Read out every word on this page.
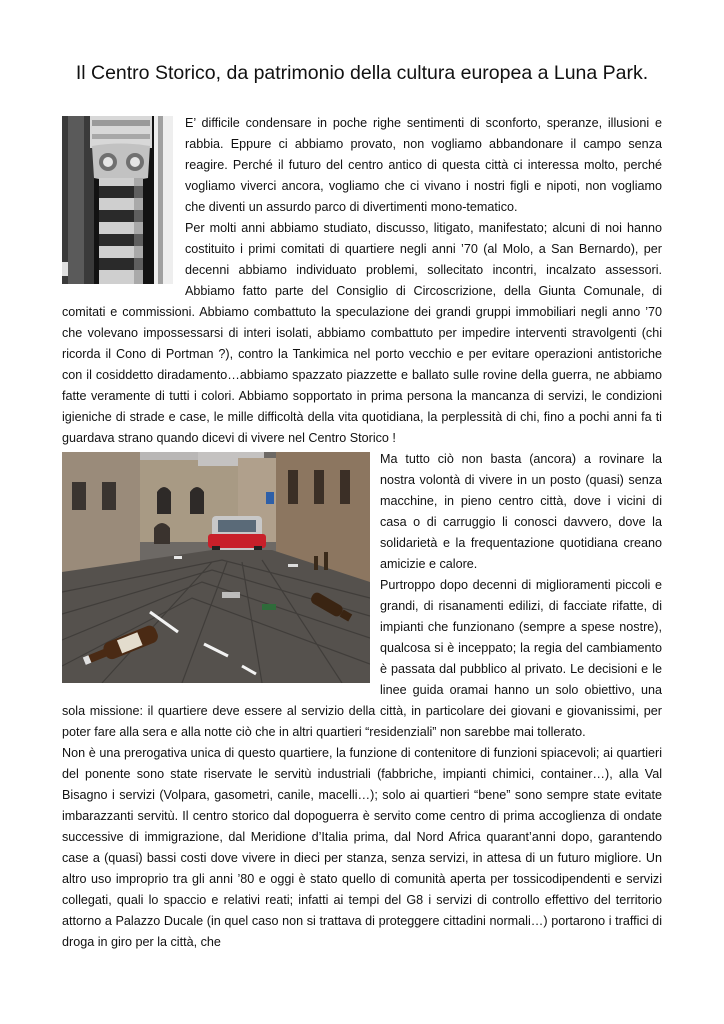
Il Centro Storico, da patrimonio della cultura europea a Luna Park.

E’ difficile condensare in poche righe sentimenti di sconforto, speranze, illusioni e rabbia. Eppure ci abbiamo provato, non vogliamo abbandonare il campo senza reagire. Perché il futuro del centro antico di questa città ci interessa molto, perché vogliamo viverci ancora, vogliamo che ci vivano i nostri figli e nipoti, non vogliamo che diventi un assurdo parco di divertimenti mono-tematico.

Per molti anni abbiamo studiato, discusso, litigato, manifestato; alcuni di noi hanno costituito i primi comitati di quartiere negli anni ’70 (al Molo, a San Bernardo), per decenni abbiamo individuato problemi, sollecitato incontri, incalzato assessori. Abbiamo fatto parte del Consiglio di Circoscrizione, della Giunta Comunale, di comitati e commissioni. Abbiamo combattuto la speculazione dei grandi gruppi immobiliari negli anno ’70 che volevano impossessarsi di interi isolati, abbiamo combattuto per impedire interventi stravolgenti (chi ricorda il Cono di Portman ?), contro la Tankimica nel porto vecchio e per evitare operazioni antistoriche con il cosiddetto diradamento…abbiamo spazzato piazzette e ballato sulle rovine della guerra, ne abbiamo fatte veramente di tutti i colori. Abbiamo sopportato in prima persona la mancanza di servizi, le condizioni igieniche di strade e case, le mille difficoltà della vita quotidiana, la perplessità di chi, fino a pochi anni fa ti guardava strano quando dicevi di vivere nel Centro Storico !

Ma tutto ciò non basta (ancora) a rovinare la nostra volontà di vivere in un posto (quasi) senza macchine, in pieno centro città, dove i vicini di casa o di carruggio li conosci davvero, dove la solidarietà e la frequentazione quotidiana creano amicizie e calore.

Purtroppo dopo decenni di miglioramenti piccoli e grandi, di risanamenti edilizi, di facciate rifatte, di impianti che funzionano (sempre a spese nostre), qualcosa si è inceppato; la regia del cambiamento è passata dal pubblico al privato. Le decisioni e le linee guida oramai hanno un solo obiettivo, una sola missione: il quartiere deve essere al servizio della città, in particolare dei giovani e giovanissimi, per poter fare alla sera e alla notte ciò che in altri quartieri “residenziali” non sarebbe mai tollerato.

Non è una prerogativa unica di questo quartiere, la funzione di contenitore di funzioni spiacevoli; ai quartieri del ponente sono state riservate le servitù industriali (fabbriche, impianti chimici, container…), alla Val Bisagno i servizi (Volpara, gasometri, canile, macelli…); solo ai quartieri “bene” sono sempre state evitate imbarazzanti servitù. Il centro storico dal dopoguerra è servito come centro di prima accoglienza di ondate successive di immigrazione, dal Meridione d’Italia prima, dal Nord Africa quarant’anni dopo, garantendo case a (quasi) bassi costi dove vivere in dieci per stanza, senza servizi, in attesa di un futuro migliore. Un altro uso improprio tra gli anni ’80 e oggi è stato quello di comunità aperta per tossicodipendenti e servizi collegati, quali lo spaccio e relativi reati; infatti ai tempi del G8 i servizi di controllo effettivo del territorio attorno a Palazzo Ducale (in quel caso non si trattava di proteggere cittadini normali…) portarono i traffici di droga in giro per la città, che
